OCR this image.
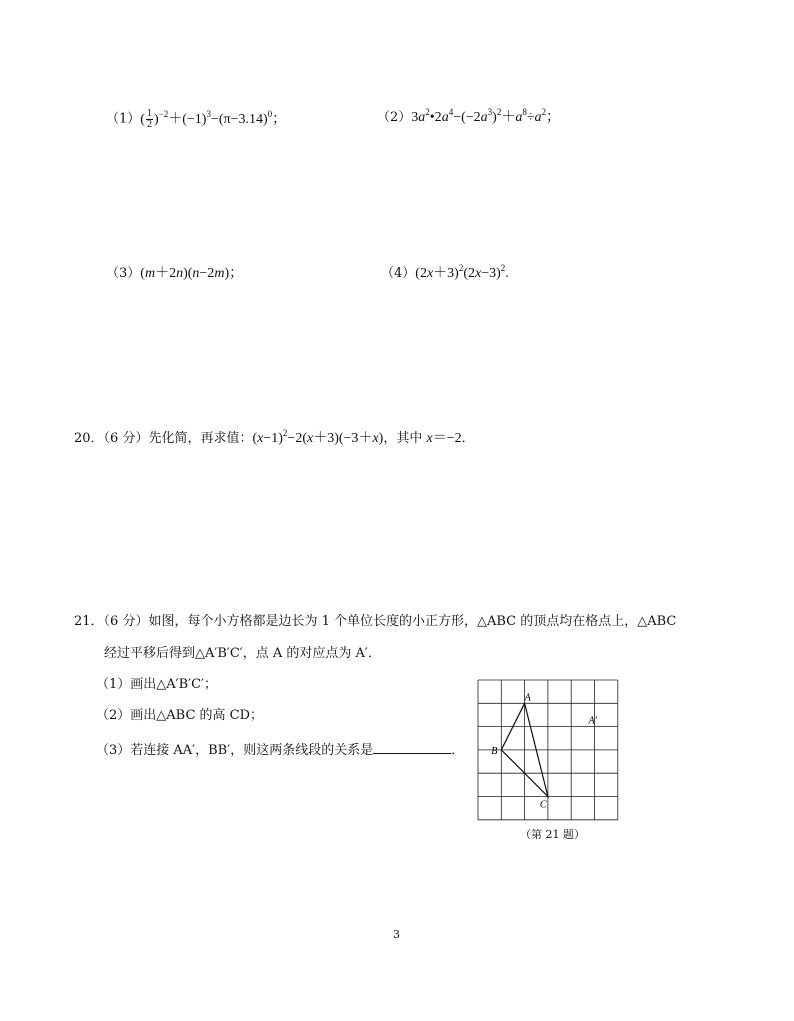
$(1)( \frac{1}{2} )^{-2}+(-1)^3-(\pi-3.14)^0$；	$(2)3a^2•2a^4-(-2a^3)^2+a^8\div a^2$；
（3）(m＋2n)(n−2m)；	$(4)(2x+3)^2(2x-3)^2$.
20．（6 分）先化简，再求值：$(x-1)^2-2(x+3)(-3+x)$，其中 x＝−2．
21．（6 分）如图，每个小方格都是边长为 1 个单位长度的小正方形，△ABC 的顶点均在格点上，△ABC
经过平移后得到△A′B′C′，点 A 的对应点为 A′．
（1）画出△A′B′C′；
（2）画出△ABC 的高 CD；
（3）若连接 AA′，BB′，则这两条线段的关系是	．
A
B
C
A′
（第 21 题）
3
